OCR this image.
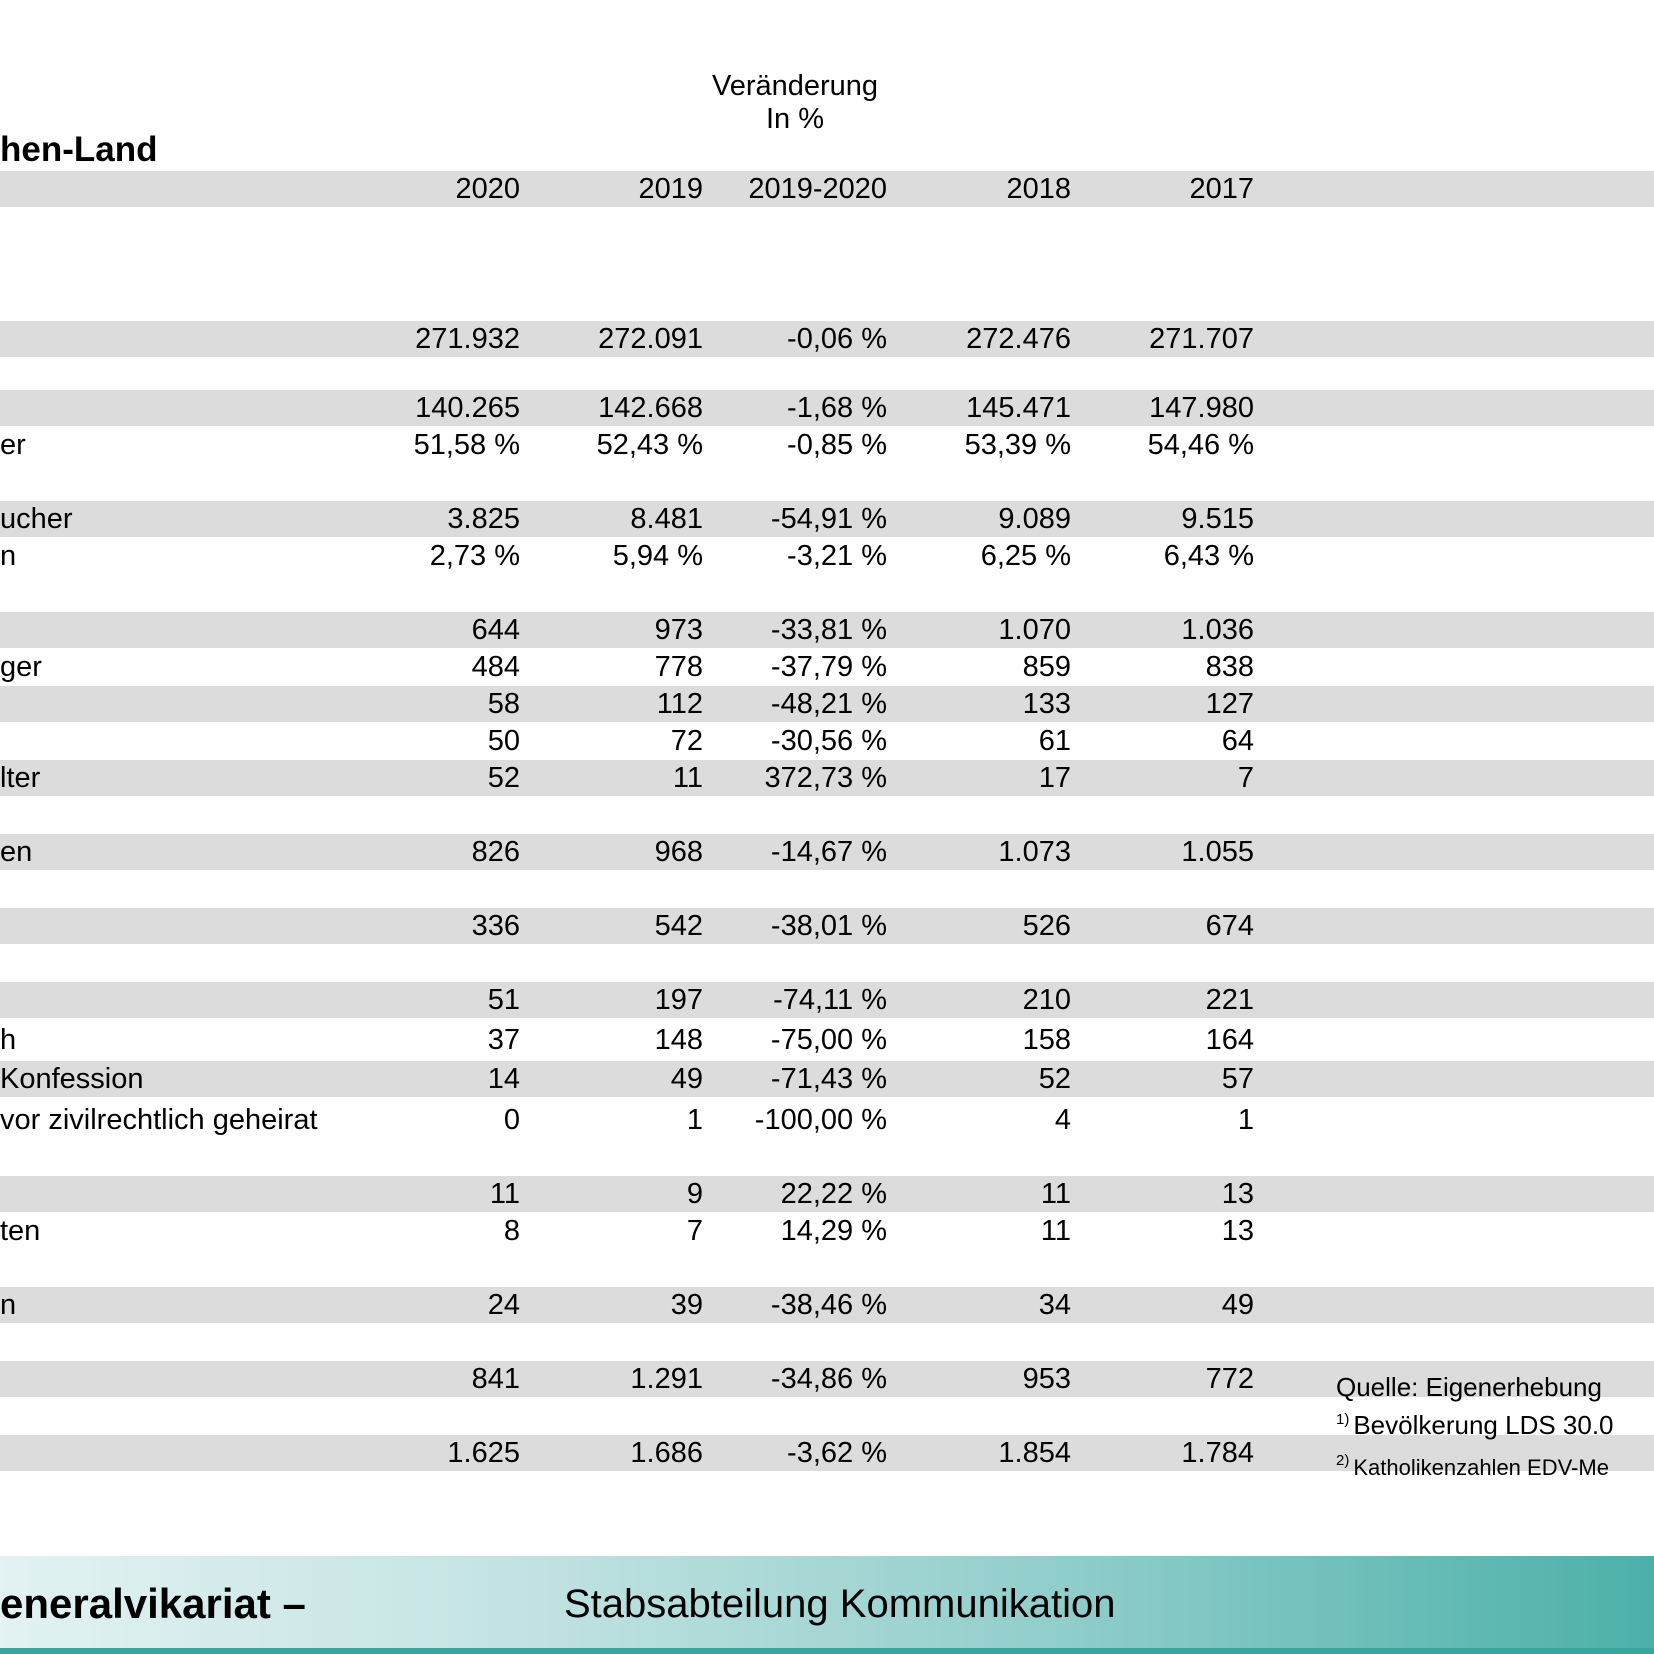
Veränderung
In %
hen-Land
2020	2019 2019-2020	2018	2017
271.932	272.091	-0,06 %	272.476	271.707
140.265	142.668	-1,68 %	145.471	147.980
er	51,58 %	52,43 %	-0,85 %	53,39 %	54,46 %
ucher	3.825	8.481 -54,91 %	9.089	9.515
n	2,73 %	5,94 %	-3,21 %	6,25 %	6,43 %
644	973 -33,81 %	1.070	1.036
ger	484	778 -37,79 %	859	838
58	112 -48,21 %	133	127
50	72 -30,56 %	61	64
lter	52	11 372,73 %	17	7
en	826	968 -14,67 %	1.073	1.055
336	542 -38,01 %	526	674
51	197 -74,11 %	210	221
h	37	148 -75,00 %	158	164
Konfession	14	49 -71,43 %	52	57
vor zivilrechtlich geheirat	0	1 -100,00 %	4	1
11	9	22,22 %	11	13
ten	8	7	14,29 %	11	13
n	24	39 -38,46 %	34	49
841	1.291 -34,86 %	953	772
1.625	1.686	-3,62 %	1.854	1.784
Quelle: Eigenerhebung
$^{1)}$ Bevölkerung LDS 30.0
$^{2)}$ Katholikenzahlen EDV-Me
eneralvikariat –	Stabsabteilung Kommunikation
